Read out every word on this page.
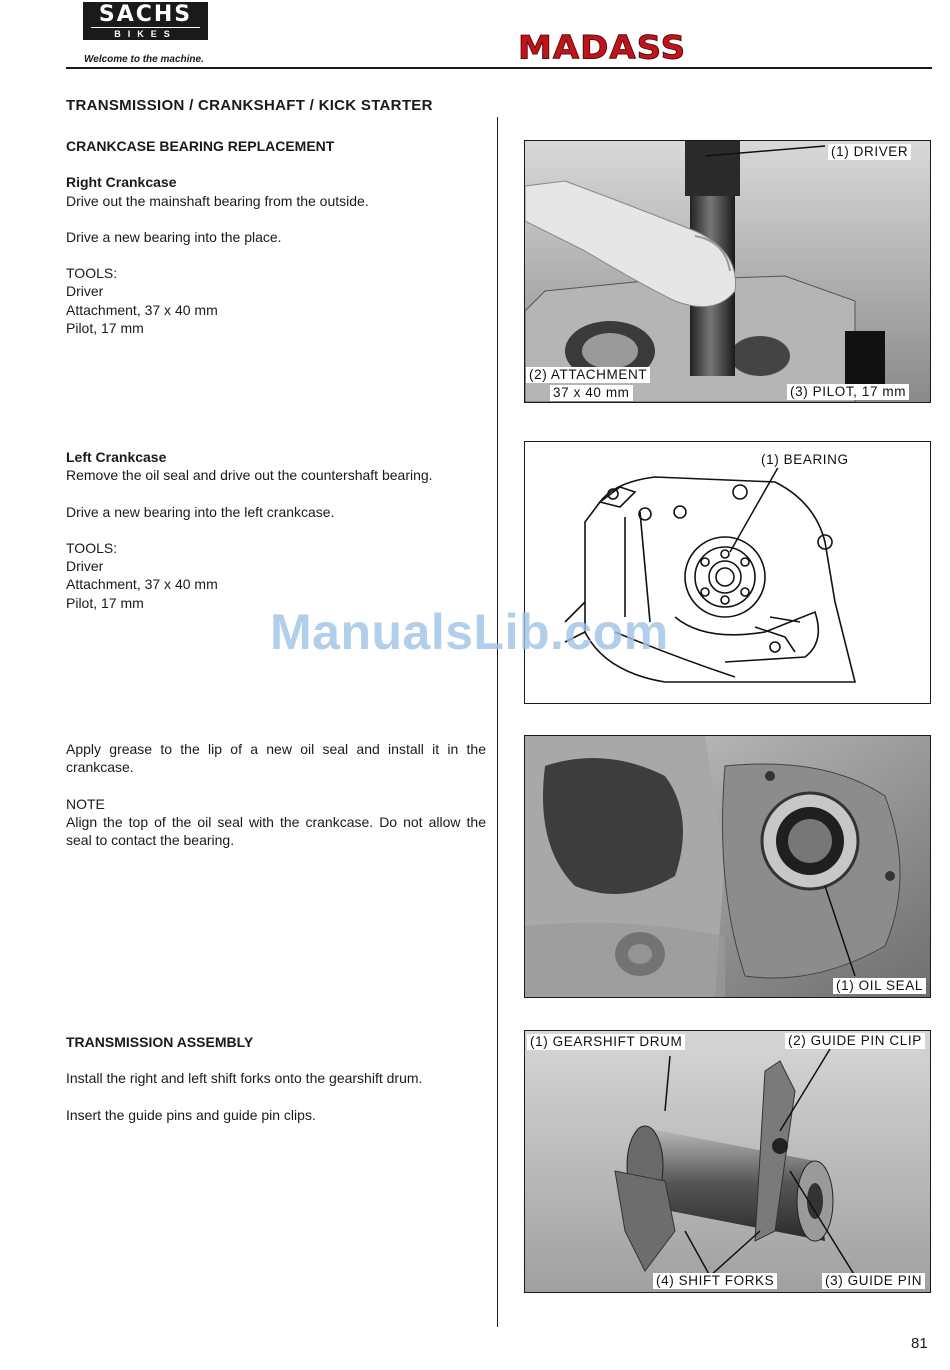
SACHS
BIKES
Welcome to the machine.	MADASS
TRANSMISSION / CRANKSHAFT / KICK STARTER

CRANKCASE BEARING REPLACEMENT

Right Crankcase

Drive out the mainshaft bearing from the outside.

Drive a new bearing into the place.

TOOLS:

Driver

Attachment, 37 x 40 mm

Pilot, 17 mm

Left Crankcase

Remove the oil seal and drive out the countershaft bearing.

Drive a new bearing into the left crankcase.

TOOLS:

Driver

Attachment, 37 x 40 mm

Pilot, 17 mm

Apply grease to the lip of a new oil seal and install it in the crankcase.

NOTE

Align the top of the oil seal with the crankcase. Do not allow the seal to contact the bearing.

TRANSMISSION ASSEMBLY

Install the right and left shift forks onto the gearshift drum.

Insert the guide pins and guide pin clips.

(1) DRIVER
(2) ATTACHMENT
37 x 40 mm	(3) PILOT, 17 mm
(1) BEARING
(1) OIL SEAL
(1) GEARSHIFT DRUM	(2) GUIDE PIN CLIP
(3) GUIDE PIN
(4) SHIFT FORKS
ManualsLib.com
81
